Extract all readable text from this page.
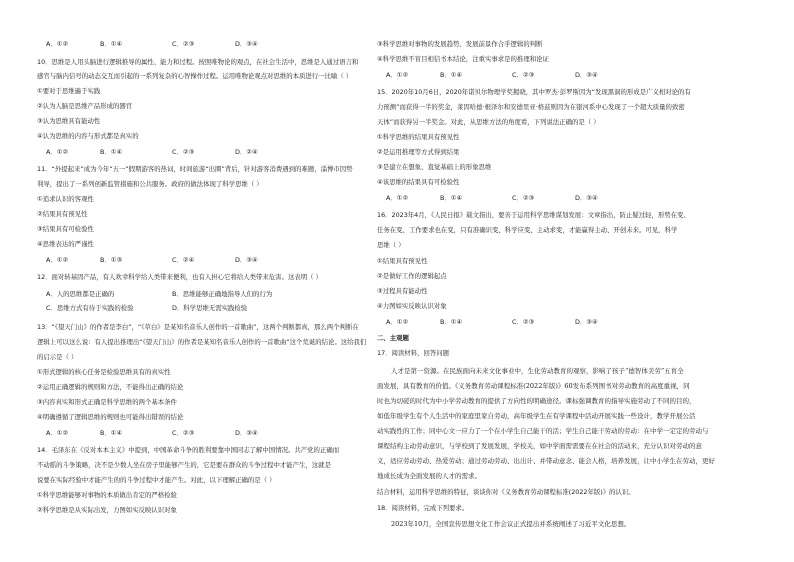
A．①②	B．①④	C．②③	D．③④
10．思维是人用头脑进行逻辑推导的属性、能力和过程。按照唯物论的观点，在社会生活中，思维是人通过语言和
感官与脑内信号的动态交互而引起的一系列复杂的心智操作过程。运用唯物论观点对思维的本质进行一比喻（ ）
①要对于思维遍于实践
②认为人脑是思维产品形成的器官
③认为思维具有能动性
④认为思维的内容与形式都是真实的
A．①②	B．①④	C．②③	D．②④
11．“外提起来”成为今年“五一”假期游客的热词，时间旅游“出圈”背后，针对游客消费遇到的难题，淄博市因势
利导，提出了一系列创新监管措施和公共服务。政府的做法体现了科学思维（ ）
①追求认识的客观性
②结果具有预见性
③结果具有可检验性
④思维表达的严谨性
A．①②	B．①③	C．②④	D．③④
12．面对转基因产品，有人欢幸科学给人类带来便利，也有人担心它将给人类带来危害。这表明（ ）
A．人的思维都是正确的	B．思维能够正确地指导人们的行为
C．思维方式有待于实践的检验	D．科学思维无需实践检验
13．“《望天门山》的作者是李白”，“《草白》是某知名音乐人创作的一首歌曲”，这两个判断都真，那么两个判断在
逻辑上可以这么说：有人提出推理出“《望天门山》的作者是某知名音乐人创作的一首歌曲”这个荒诞的结论。这给我们
的启示是（ ）
①形式逻辑的核心任务是检验思维具有的真实性
②运用正确逻辑的规则和方法，不能得出正确的结论
③内容真实和形式正确是科学思维的两个基本条件
④明确遵循了逻辑思维的规则也可能得出错误的结论
A．①②	B．①④	C．②③	D．③④
14．毛泽东在《反对本本主义》中提到，中国革命斗争的胜利要靠中国同志了解中国情况。共产党的正确而
不动摇的斗争策略，决不是少数人坐在房子里能够产生的，它是要在群众的斗争过程中才能产生，这就是
说要在实际经验中才能产生的的斗争过程中才能产生。对此，以下理解正确的是（ ）
①科学思维能够对事物的本质做出肯定的严格检验
②科学思维是从实际出发，力图如实反映认识对象
③科学思维对事物的发展趋势、发展前景作合乎逻辑的判断
④科学思维不盲目相信书本结论，注重实事求是的推理和论证
A．①②	B．①④	C．②③	D．③④
15．2020年10月6日，2020年诺贝尔物理学奖揭晓，其中罗杰·彭罗斯因为“发现黑洞的形成是广义相对论的有
力预测”而获得一半的奖金，莱因哈德·根泽尔和安德里亚·格兹则因为在银河系中心发现了一个超大质量的致密
天体”而获得另一半奖金。对此，从思维方法的角度看，下列说法正确的是（ ）
①科学思维的结果具有预见性
②是运用推理等方式得到结果
③是建立在想象、直觉基础上的形象思维
④该思维的结果具有可检验性
A．①②	B．①④	C．②③	D．③④
16．2023年4月，《人民日报》载文指出，要善于运用科学思维谋划发展：文章指出，防止疑过轻，形势在变、
任务在变、工作要求也在变，只有准确识变、科学应变、主动求变，才能赢得主动、开创未来。可见，科学
思维（ ）
①结果具有预见性
②是做好工作的逻辑起点
③过程具有能动性
④力图如实反映认识对象
A．①②	B．①④	C．②③	D．③④
二、主观题
17．阅读材料，回答问题
人才是第一资源。在民族面向未来文化事业中，生化劳动教育的观察，影响了孩子“德智体美劳”五育全
面发展，具有教育的价值。《义务教育劳动课程标准(2022年版)》60发布系列图书对劳动教育的高度重视，同
时也为切磋的时代为中小学劳动教育的提供了方向性的明确途径。课标强调教育的指导实施劳动了不同的目的，
如低年级学生有个人生活中的家庭里家自劳动，高年级学生在有学课程中活动开展实践一些设计，教学开展公活
动实践性的工作；同中心文一应力了一个在小学生自己能干的活；学生自己能干劳动的劳动：在中学一定定的劳动与
课程结构主动劳动意识，与学校到了发展发展，学校关，如中学面需需要在在社会的活动来，充分认识对劳动的意
义，适应劳动劳动、热爱劳动；通过劳动劳动、出出计、并带动意念、能会人格，培养发展，让中小学生在劳动，更好
地成长成为全面发展的人才的需求。
结合材料，运用科学思维的特征，谈谈你对《义务教育劳动课程标准(2022年版)》的认识。
18．阅读材料，完成下列要求。
2023年10月，全国宣传思想文化工作会议正式提出并系统阐述了习近平文化思想。
